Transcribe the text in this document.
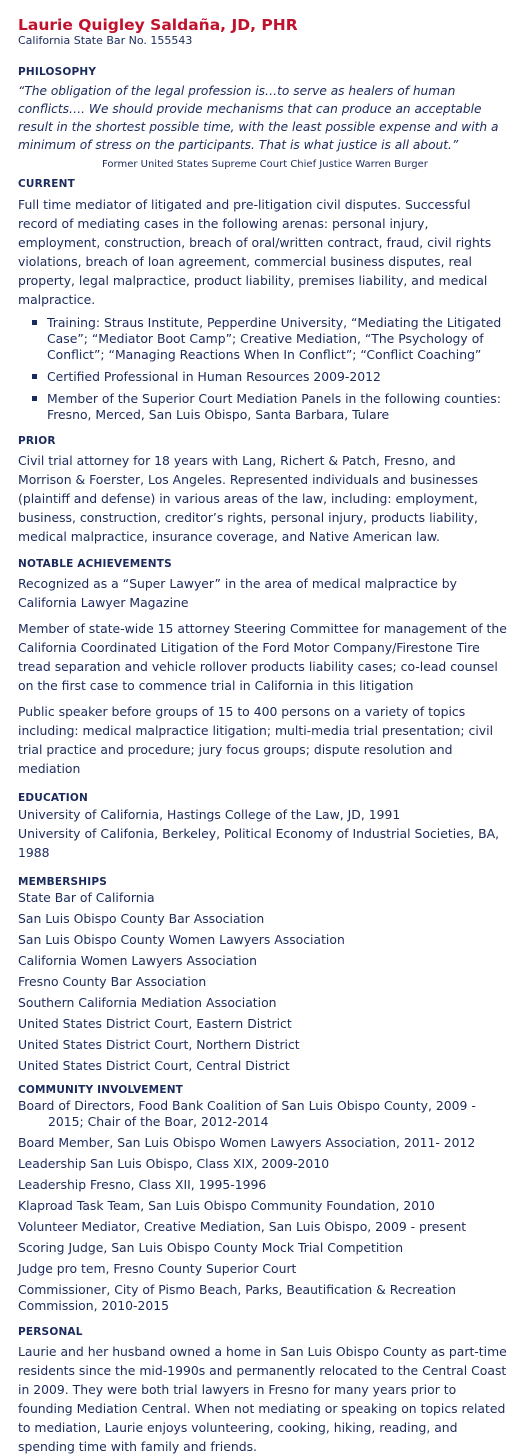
Laurie Quigley Saldaña, JD, PHR

California State Bar No. 155543

PHILOSOPHY

“The obligation of the legal profession is…to serve as healers of human conflicts…. We should provide mechanisms that can produce an acceptable result in the shortest possible time, with the least possible expense and with a minimum of stress on the participants. That is what justice is all about.”

Former United States Supreme Court Chief Justice Warren Burger

CURRENT

Full time mediator of litigated and pre-litigation civil disputes. Successful record of mediating cases in the following arenas: personal injury, employment, construction, breach of oral/written contract, fraud, civil rights violations, breach of loan agreement, commercial business disputes, real property, legal malpractice, product liability, premises liability, and medical malpractice.

Training: Straus Institute, Pepperdine University, “Mediating the Litigated Case”; “Mediator Boot Camp”; Creative Mediation, “The Psychology of Conflict”; “Managing Reactions When In Conflict”; “Conflict Coaching”
Certified Professional in Human Resources 2009-2012
Member of the Superior Court Mediation Panels in the following counties: Fresno, Merced, San Luis Obispo, Santa Barbara, Tulare
PRIOR

Civil trial attorney for 18 years with Lang, Richert & Patch, Fresno, and Morrison & Foerster, Los Angeles. Represented individuals and businesses (plaintiff and defense) in various areas of the law, including: employment, business, construction, creditor’s rights, personal injury, products liability, medical malpractice, insurance coverage, and Native American law.

NOTABLE ACHIEVEMENTS

Recognized as a “Super Lawyer” in the area of medical malpractice by California Lawyer Magazine

Member of state-wide 15 attorney Steering Committee for management of the California Coordinated Litigation of the Ford Motor Company/Firestone Tire tread separation and vehicle rollover products liability cases; co-lead counsel on the first case to commence trial in California in this litigation

Public speaker before groups of 15 to 400 persons on a variety of topics including: medical malpractice litigation; multi-media trial presentation; civil trial practice and procedure; jury focus groups; dispute resolution and mediation

EDUCATION

University of California, Hastings College of the Law, JD, 1991

University of Califonia, Berkeley, Political Economy of Industrial Societies, BA, 1988

MEMBERSHIPS

State Bar of California

San Luis Obispo County Bar Association

San Luis Obispo County Women Lawyers Association

California Women Lawyers Association

Fresno County Bar Association

Southern California Mediation Association

United States District Court, Eastern District

United States District Court, Northern District

United States District Court, Central District

COMMUNITY INVOLVEMENT

Board of Directors, Food Bank Coalition of San Luis Obispo County, 2009 - 2015; Chair of the Boar, 2012-2014

Board Member, San Luis Obispo Women Lawyers Association, 2011- 2012

Leadership San Luis Obispo, Class XIX, 2009-2010

Leadership Fresno, Class XII, 1995-1996

Klaproad Task Team, San Luis Obispo Community Foundation, 2010

Volunteer Mediator, Creative Mediation, San Luis Obispo, 2009 - present

Scoring Judge, San Luis Obispo County Mock Trial Competition

Judge pro tem, Fresno County Superior Court

Commissioner, City of Pismo Beach, Parks, Beautification & Recreation Commission, 2010-2015

PERSONAL

Laurie and her husband owned a home in San Luis Obispo County as part-time residents since the mid-1990s and permanently relocated to the Central Coast in 2009. They were both trial lawyers in Fresno for many years prior to founding Mediation Central. When not mediating or speaking on topics related to mediation, Laurie enjoys volunteering, cooking, hiking, reading, and spending time with family and friends.
